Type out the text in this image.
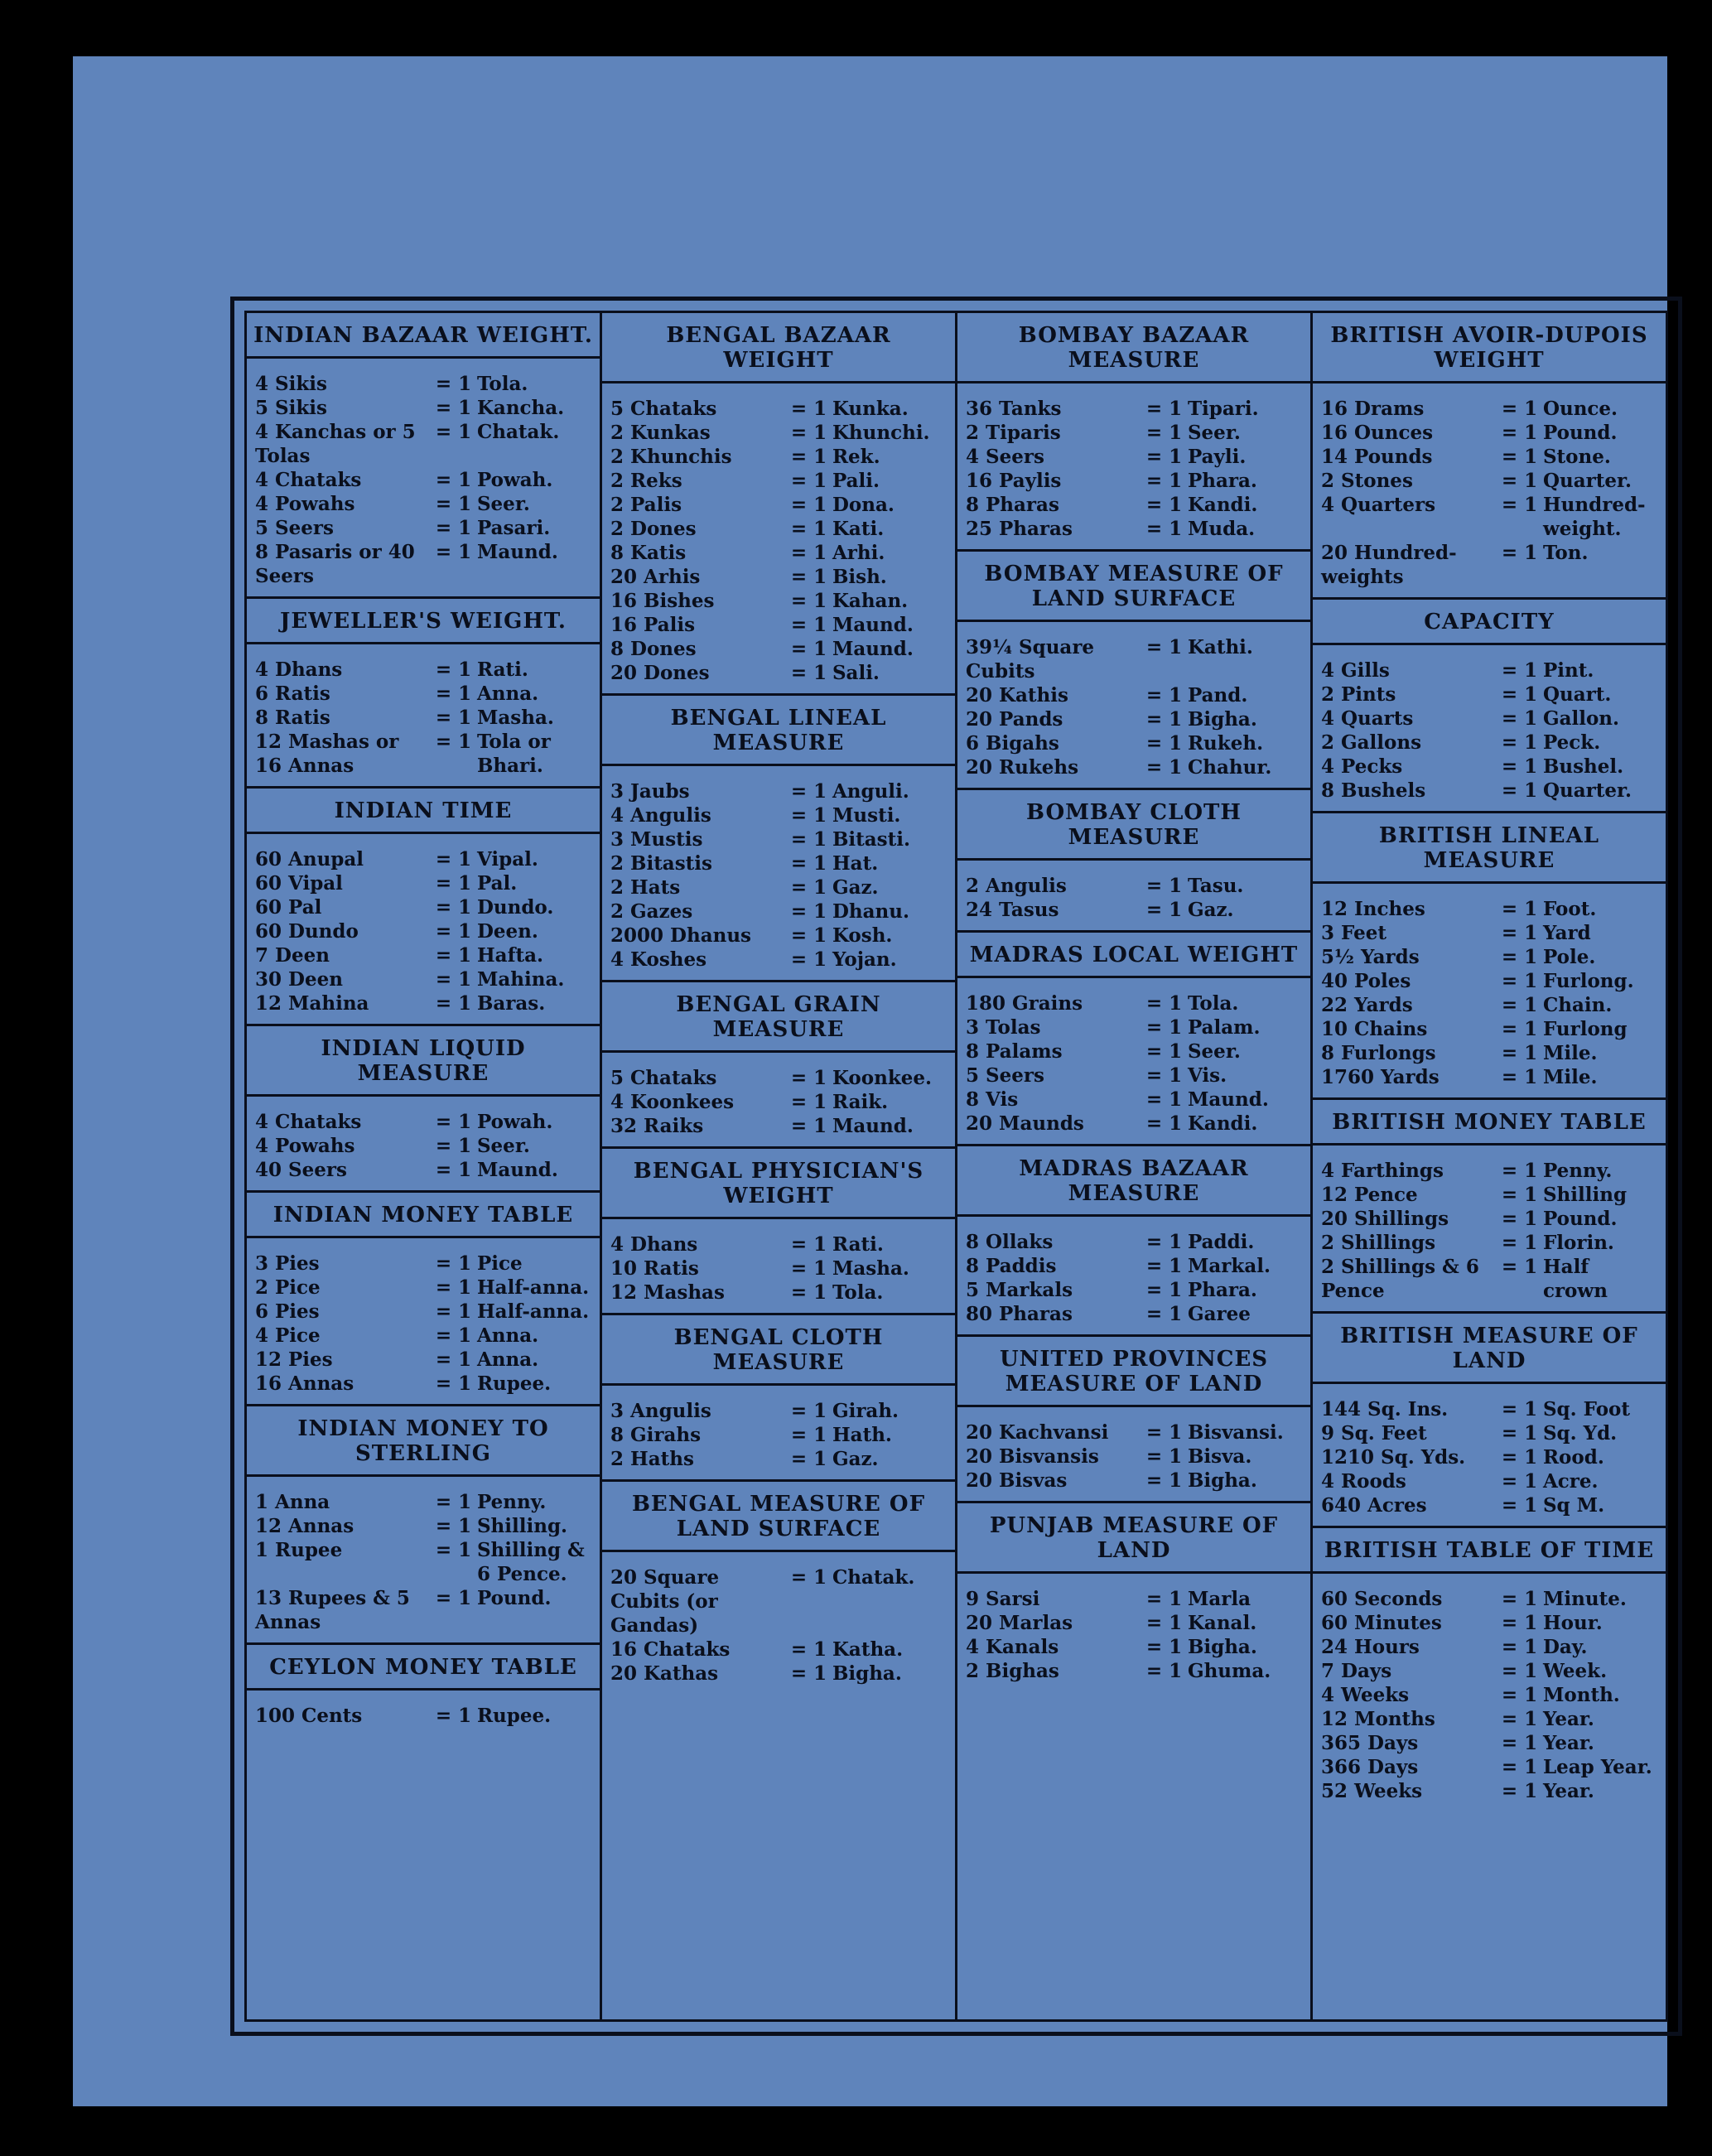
INDIAN BAZAAR WEIGHT.
4 Sikis	= 1 Tola.
5 Sikis	= 1 Kancha.
4 Kanchas or 5 Tolas
= 1 Chatak.
4 Chataks	= 1 Powah.
4 Powahs	= 1 Seer.
5 Seers	= 1 Pasari.
8 Pasaris or 40 Seers
= 1 Maund.
JEWELLER'S WEIGHT.
4 Dhans	= 1 Rati.
6 Ratis	= 1 Anna.
8 Ratis	= 1 Masha.
12 Mashas or 16 Annas
= 1 Tola or Bhari.
INDIAN TIME
60 Anupal	= 1 Vipal.
60 Vipal	= 1 Pal.
60 Pal	= 1 Dundo.
60 Dundo	= 1 Deen.
7 Deen	= 1 Hafta.
30 Deen	= 1 Mahina.
12 Mahina	= 1 Baras.
INDIAN LIQUID MEASURE
4 Chataks	= 1 Powah.
4 Powahs	= 1 Seer.
40 Seers	= 1 Maund.
INDIAN MONEY TABLE
3 Pies	= 1 Pice
2 Pice	= 1 Half-anna.
6 Pies	= 1 Half-anna.
4 Pice	= 1 Anna.
12 Pies	= 1 Anna.
16 Annas	= 1 Rupee.
INDIAN MONEY TO STERLING
1 Anna	= 1 Penny.
12 Annas	= 1 Shilling.
1 Rupee	= 1 Shilling & 6 Pence.
13 Rupees & 5 Annas
= 1 Pound.
CEYLON MONEY TABLE
100 Cents	= 1 Rupee.
BENGAL BAZAAR WEIGHT
5 Chataks	= 1 Kunka.
2 Kunkas	= 1 Khunchi.
2 Khunchis	= 1 Rek.
2 Reks	= 1 Pali.
2 Palis	= 1 Dona.
2 Dones	= 1 Kati.
8 Katis	= 1 Arhi.
20 Arhis	= 1 Bish.
16 Bishes	= 1 Kahan.
16 Palis	= 1 Maund.
8 Dones	= 1 Maund.
20 Dones	= 1 Sali.
BENGAL LINEAL MEASURE
3 Jaubs	= 1 Anguli.
4 Angulis	= 1 Musti.
3 Mustis	= 1 Bitasti.
2 Bitastis	= 1 Hat.
2 Hats	= 1 Gaz.
2 Gazes	= 1 Dhanu.
2000 Dhanus	= 1 Kosh.
4 Koshes	= 1 Yojan.
BENGAL GRAIN MEASURE
5 Chataks	= 1 Koonkee.
4 Koonkees	= 1 Raik.
32 Raiks	= 1 Maund.
BENGAL PHYSICIAN'S WEIGHT
4 Dhans	= 1 Rati.
10 Ratis	= 1 Masha.
12 Mashas	= 1 Tola.
BENGAL CLOTH MEASURE
3 Angulis	= 1 Girah.
8 Girahs	= 1 Hath.
2 Haths	= 1 Gaz.
BENGAL MEASURE OF LAND SURFACE
20 Square Cubits (or Gandas)
= 1 Chatak.
16 Chataks	= 1 Katha.
20 Kathas	= 1 Bigha.
BOMBAY BAZAAR MEASURE
36 Tanks	= 1 Tipari.
2 Tiparis	= 1 Seer.
4 Seers	= 1 Payli.
16 Paylis	= 1 Phara.
8 Pharas	= 1 Kandi.
25 Pharas	= 1 Muda.
BOMBAY MEASURE OF LAND SURFACE
39¼ Square Cubits
= 1 Kathi.
20 Kathis	= 1 Pand.
20 Pands	= 1 Bigha.
6 Bigahs	= 1 Rukeh.
20 Rukehs	= 1 Chahur.
BOMBAY CLOTH MEASURE
2 Angulis	= 1 Tasu.
24 Tasus	= 1 Gaz.
MADRAS LOCAL WEIGHT
180 Grains	= 1 Tola.
3 Tolas	= 1 Palam.
8 Palams	= 1 Seer.
5 Seers	= 1 Vis.
8 Vis	= 1 Maund.
20 Maunds	= 1 Kandi.
MADRAS BAZAAR MEASURE
8 Ollaks	= 1 Paddi.
8 Paddis	= 1 Markal.
5 Markals	= 1 Phara.
80 Pharas	= 1 Garee
UNITED PROVINCES MEASURE OF LAND
20 Kachvansi	= 1 Bisvansi.
20 Bisvansis	= 1 Bisva.
20 Bisvas	= 1 Bigha.
PUNJAB MEASURE OF LAND
9 Sarsi	= 1 Marla
20 Marlas	= 1 Kanal.
4 Kanals	= 1 Bigha.
2 Bighas	= 1 Ghuma.
BRITISH AVOIR-DUPOIS WEIGHT
16 Drams	= 1 Ounce.
16 Ounces	= 1 Pound.
14 Pounds	= 1 Stone.
2 Stones	= 1 Quarter.
4 Quarters	= 1 Hundred-weight.
20 Hundred-weights
= 1 Ton.
CAPACITY
4 Gills	= 1 Pint.
2 Pints	= 1 Quart.
4 Quarts	= 1 Gallon.
2 Gallons	= 1 Peck.
4 Pecks	= 1 Bushel.
8 Bushels	= 1 Quarter.
BRITISH LINEAL MEASURE
12 Inches	= 1 Foot.
3 Feet	= 1 Yard
5½ Yards	= 1 Pole.
40 Poles	= 1 Furlong.
22 Yards	= 1 Chain.
10 Chains	= 1 Furlong
8 Furlongs	= 1 Mile.
1760 Yards	= 1 Mile.
BRITISH MONEY TABLE
4 Farthings	= 1 Penny.
12 Pence	= 1 Shilling
20 Shillings	= 1 Pound.
2 Shillings	= 1 Florin.
2 Shillings & 6 Pence
= 1 Half crown
BRITISH MEASURE OF LAND
144 Sq. Ins.	= 1 Sq. Foot
9 Sq. Feet	= 1 Sq. Yd.
1210 Sq. Yds.	= 1 Rood.
4 Roods	= 1 Acre.
640 Acres	= 1 Sq M.
BRITISH TABLE OF TIME
60 Seconds	= 1 Minute.
60 Minutes	= 1 Hour.
24 Hours	= 1 Day.
7 Days	= 1 Week.
4 Weeks	= 1 Month.
12 Months	= 1 Year.
365 Days	= 1 Year.
366 Days	= 1 Leap Year.
52 Weeks	= 1 Year.
